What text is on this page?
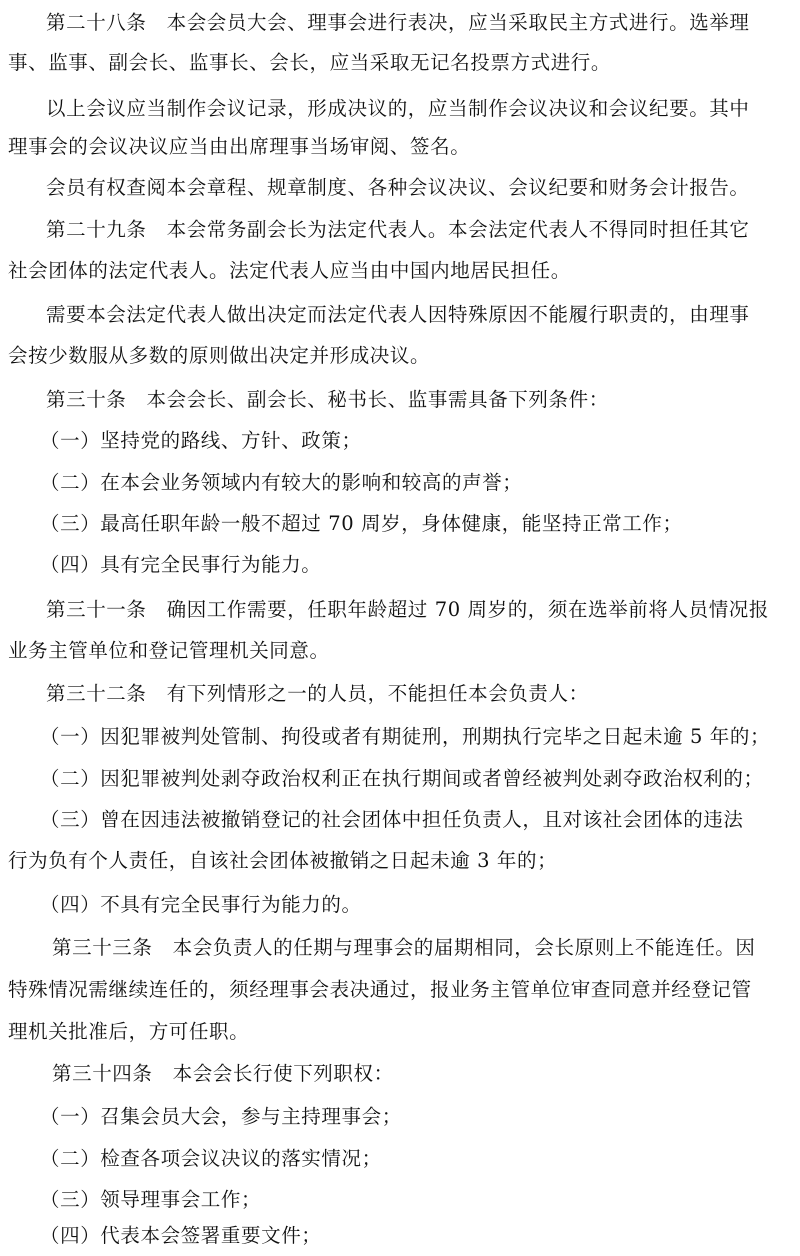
第二十八条　本会会员大会、理事会进行表决，应当采取民主方式进行。选举理
事、监事、副会长、监事长、会长，应当采取无记名投票方式进行。
以上会议应当制作会议记录，形成决议的，应当制作会议决议和会议纪要。其中
理事会的会议决议应当由出席理事当场审阅、签名。
会员有权查阅本会章程、规章制度、各种会议决议、会议纪要和财务会计报告。
第二十九条　本会常务副会长为法定代表人。本会法定代表人不得同时担任其它
社会团体的法定代表人。法定代表人应当由中国内地居民担任。
需要本会法定代表人做出决定而法定代表人因特殊原因不能履行职责的，由理事
会按少数服从多数的原则做出决定并形成决议。
第三十条　本会会长、副会长、秘书长、监事需具备下列条件：
（一）坚持党的路线、方针、政策；
（二）在本会业务领域内有较大的影响和较高的声誉；
（三）最高任职年龄一般不超过 70 周岁，身体健康，能坚持正常工作；
（四）具有完全民事行为能力。
第三十一条　确因工作需要，任职年龄超过 70 周岁的，须在选举前将人员情况报
业务主管单位和登记管理机关同意。
第三十二条　有下列情形之一的人员，不能担任本会负责人：
（一）因犯罪被判处管制、拘役或者有期徒刑，刑期执行完毕之日起未逾 5 年的；
（二）因犯罪被判处剥夺政治权利正在执行期间或者曾经被判处剥夺政治权利的；
（三）曾在因违法被撤销登记的社会团体中担任负责人，且对该社会团体的违法
行为负有个人责任，自该社会团体被撤销之日起未逾 3 年的；
（四）不具有完全民事行为能力的。
第三十三条　本会负责人的任期与理事会的届期相同，会长原则上不能连任。因
特殊情况需继续连任的，须经理事会表决通过，报业务主管单位审查同意并经登记管
理机关批准后，方可任职。
第三十四条　本会会长行使下列职权：
（一）召集会员大会，参与主持理事会；
（二）检查各项会议决议的落实情况；
（三）领导理事会工作；
（四）代表本会签署重要文件；
